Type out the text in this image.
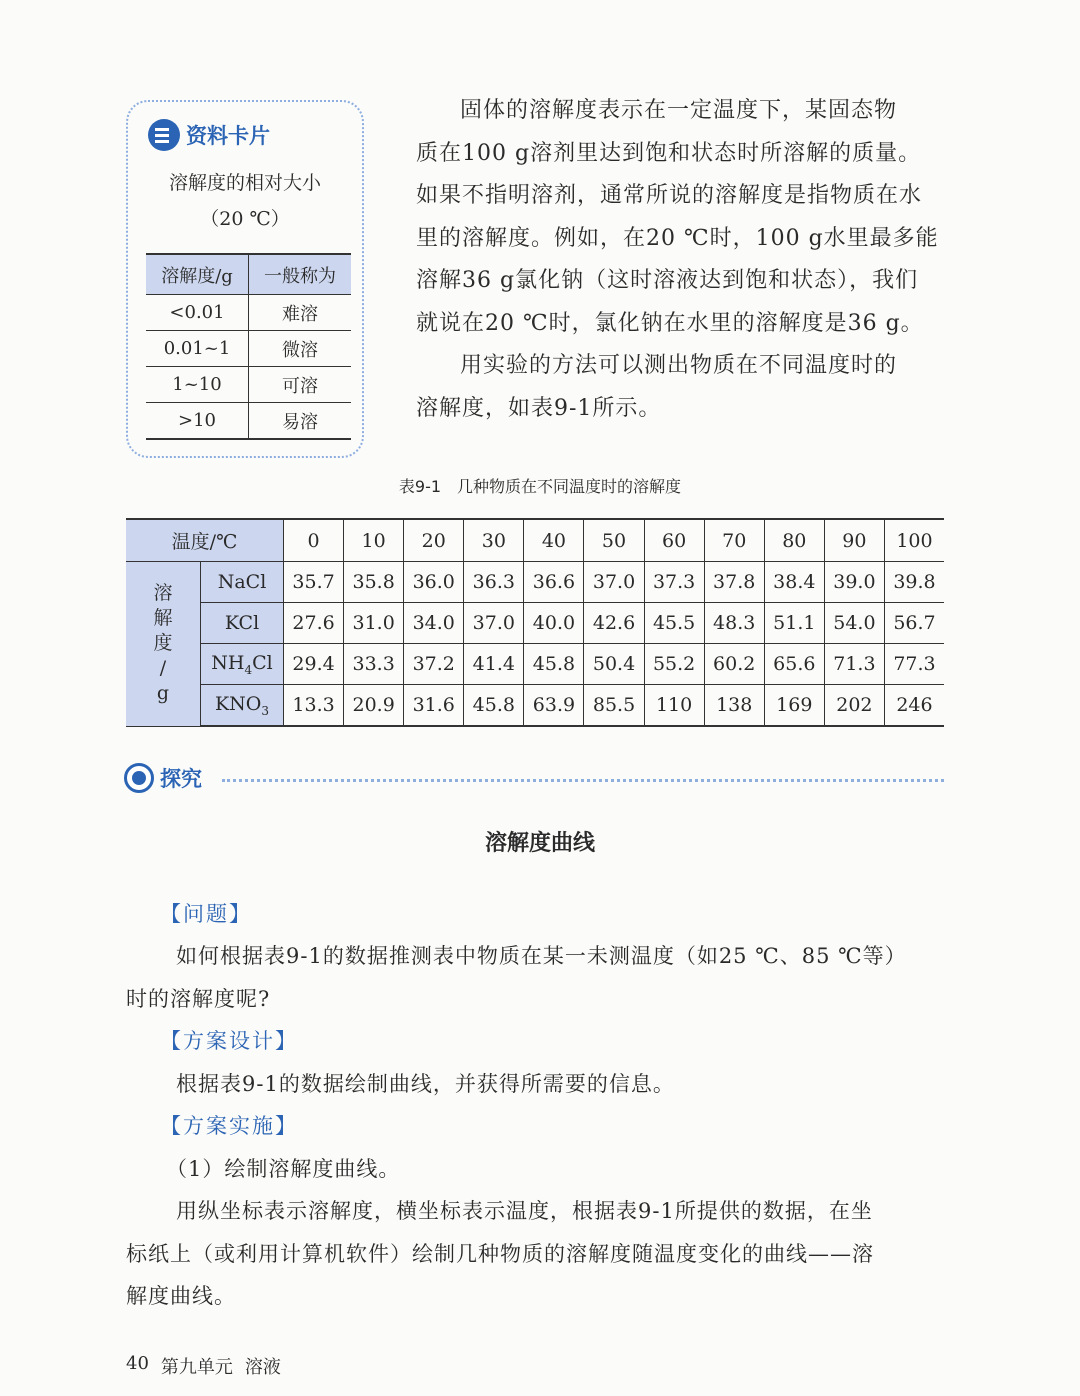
资料卡片
溶解度的相对大小
（20 ℃）
溶解度/g	一般称为
<0.01	难溶
0.01~1	微溶
1~10	可溶
>10	易溶
固体的溶解度表示在一定温度下，某固态物
质在100 g溶剂里达到饱和状态时所溶解的质量。
如果不指明溶剂，通常所说的溶解度是指物质在水
里的溶解度。例如，在20 ℃时，100 g水里最多能
溶解36 g氯化钠（这时溶液达到饱和状态），我们
就说在20 ℃时，氯化钠在水里的溶解度是36 g。
用实验的方法可以测出物质在不同温度时的
溶解度，如表9-1所示。
表9-1　几种物质在不同温度时的溶解度
温度/℃		0	10	20	30	40	50	60	70	80	90	100

溶
解
度
/
g	NaCl	35.7	35.8	36.0	36.3	36.6	37.0	37.3	37.8	38.4	39.0	39.8
	KCl	27.6	31.0	34.0	37.0	40.0	42.6	45.5	48.3	51.1	54.0	56.7
	$NH_4Cl$	29.4	33.3	37.2	41.4	45.8	50.4	55.2	60.2	65.6	71.3	77.3
	$KNO_3$	13.3	20.9	31.6	45.8	63.9	85.5	110	138	169	202	246
探究
溶解度曲线
【问题】
如何根据表9-1的数据推测表中物质在某一未测温度（如25 ℃、85 ℃等）
时的溶解度呢?
【方案设计】
根据表9-1的数据绘制曲线，并获得所需要的信息。
【方案实施】
（1）绘制溶解度曲线。
用纵坐标表示溶解度，横坐标表示温度，根据表9-1所提供的数据，在坐
标纸上（或利用计算机软件）绘制几种物质的溶解度随温度变化的曲线——溶
解度曲线。
40 第九单元 溶液
